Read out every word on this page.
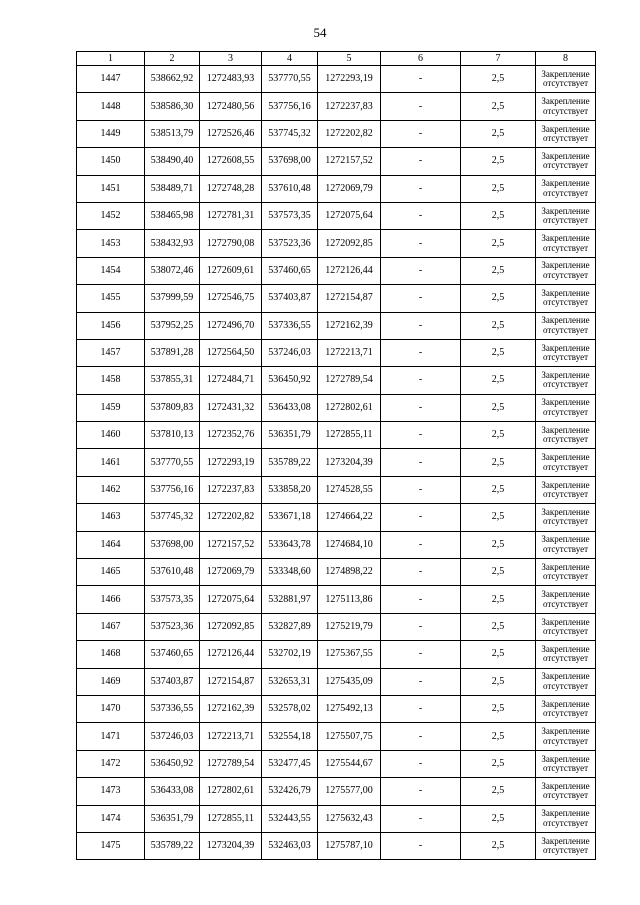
54
1	2	3	4	5	6	7	8
1447	538662,92	1272483,93	537770,55	1272293,19	-	2,5	Закрепление отсутствует
1448	538586,30	1272480,56	537756,16	1272237,83	-	2,5	Закрепление отсутствует
1449	538513,79	1272526,46	537745,32	1272202,82	-	2,5	Закрепление отсутствует
1450	538490,40	1272608,55	537698,00	1272157,52	-	2,5	Закрепление отсутствует
1451	538489,71	1272748,28	537610,48	1272069,79	-	2,5	Закрепление отсутствует
1452	538465,98	1272781,31	537573,35	1272075,64	-	2,5	Закрепление отсутствует
1453	538432,93	1272790,08	537523,36	1272092,85	-	2,5	Закрепление отсутствует
1454	538072,46	1272609,61	537460,65	1272126,44	-	2,5	Закрепление отсутствует
1455	537999,59	1272546,75	537403,87	1272154,87	-	2,5	Закрепление отсутствует
1456	537952,25	1272496,70	537336,55	1272162,39	-	2,5	Закрепление отсутствует
1457	537891,28	1272564,50	537246,03	1272213,71	-	2,5	Закрепление отсутствует
1458	537855,31	1272484,71	536450,92	1272789,54	-	2,5	Закрепление отсутствует
1459	537809,83	1272431,32	536433,08	1272802,61	-	2,5	Закрепление отсутствует
1460	537810,13	1272352,76	536351,79	1272855,11	-	2,5	Закрепление отсутствует
1461	537770,55	1272293,19	535789,22	1273204,39	-	2,5	Закрепление отсутствует
1462	537756,16	1272237,83	533858,20	1274528,55	-	2,5	Закрепление отсутствует
1463	537745,32	1272202,82	533671,18	1274664,22	-	2,5	Закрепление отсутствует
1464	537698,00	1272157,52	533643,78	1274684,10	-	2,5	Закрепление отсутствует
1465	537610,48	1272069,79	533348,60	1274898,22	-	2,5	Закрепление отсутствует
1466	537573,35	1272075,64	532881,97	1275113,86	-	2,5	Закрепление отсутствует
1467	537523,36	1272092,85	532827,89	1275219,79	-	2,5	Закрепление отсутствует
1468	537460,65	1272126,44	532702,19	1275367,55	-	2,5	Закрепление отсутствует
1469	537403,87	1272154,87	532653,31	1275435,09	-	2,5	Закрепление отсутствует
1470	537336,55	1272162,39	532578,02	1275492,13	-	2,5	Закрепление отсутствует
1471	537246,03	1272213,71	532554,18	1275507,75	-	2,5	Закрепление отсутствует
1472	536450,92	1272789,54	532477,45	1275544,67	-	2,5	Закрепление отсутствует
1473	536433,08	1272802,61	532426,79	1275577,00	-	2,5	Закрепление отсутствует
1474	536351,79	1272855,11	532443,55	1275632,43	-	2,5	Закрепление отсутствует
1475	535789,22	1273204,39	532463,03	1275787,10	-	2,5	Закрепление отсутствует
